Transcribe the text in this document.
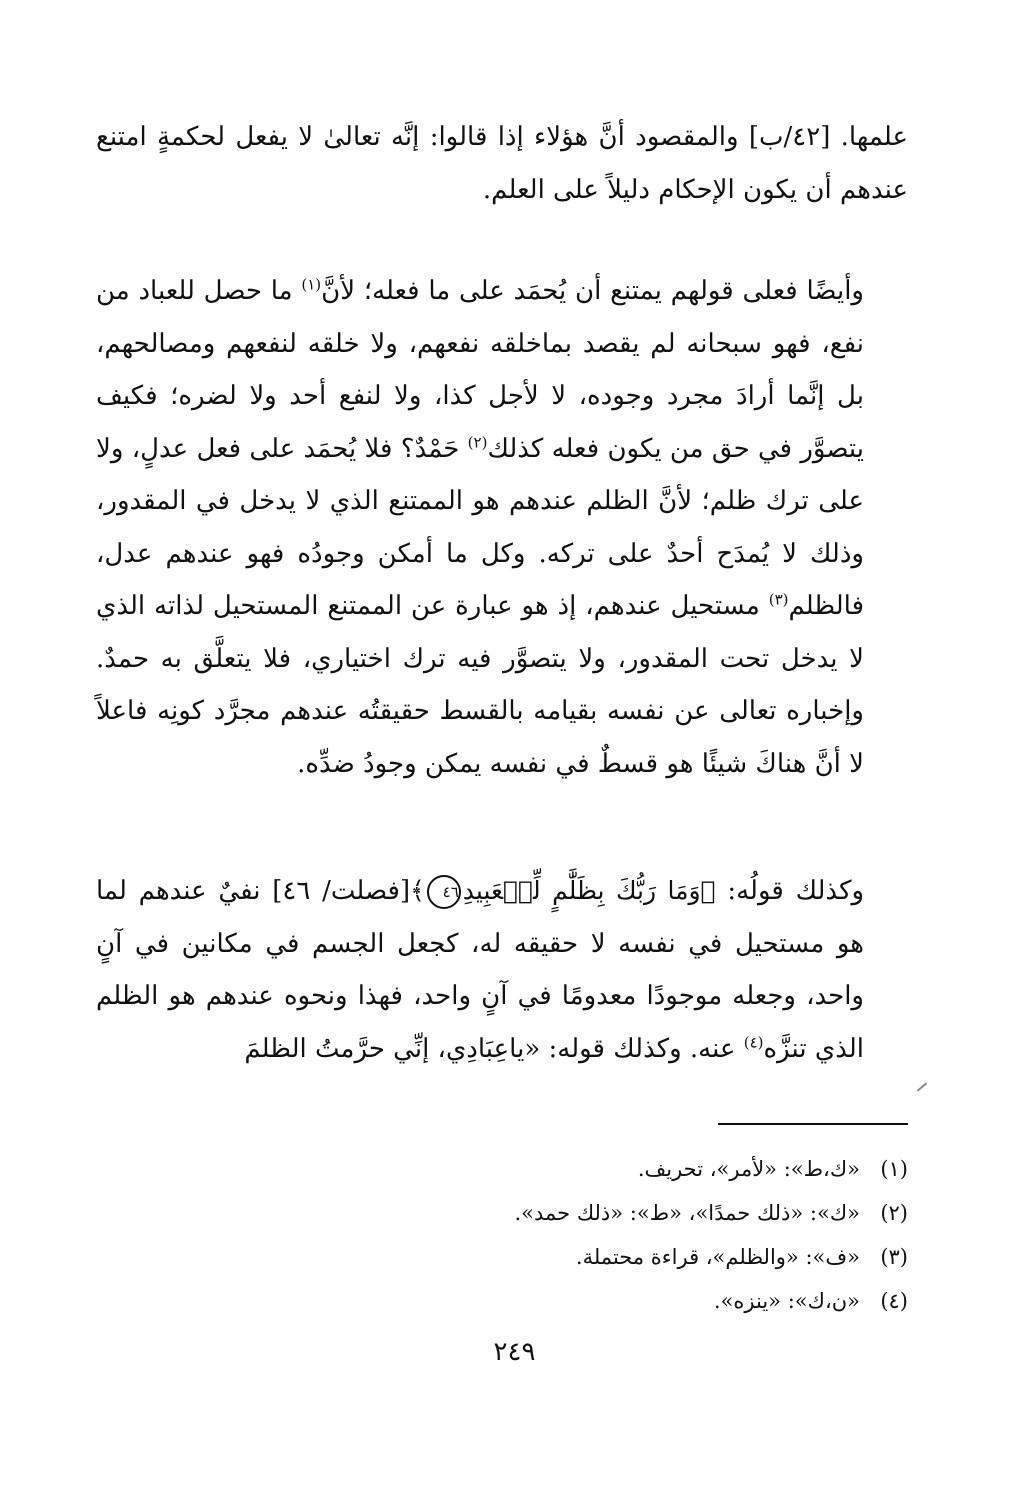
علمها. [٤٢/ب] والمقصود أنَّ هؤلاء إذا قالوا: إنَّه تعالىٰ لا يفعل لحكمةٍ امتنع عندهم أن يكون الإحكام دليلاً على العلم.

وأيضًا فعلى قولهم يمتنع أن يُحمَد على ما فعله؛ لأنَّ$^{(١)}$ ما حصل للعباد من نفع، فهو سبحانه لم يقصد بماخلقه نفعهم، ولا خلقه لنفعهم ومصالحهم، بل إنَّما أرادَ مجرد وجوده، لا لأجل كذا، ولا لنفع أحد ولا لضره؛ فكيف يتصوَّر في حق من يكون فعله كذلك$^{(٢)}$ حَمْدٌ؟ فلا يُحمَد على فعل عدلٍ، ولا على ترك ظلم؛ لأنَّ الظلم عندهم هو الممتنع الذي لا يدخل في المقدور، وذلك لا يُمدَح أحدٌ على تركه. وكل ما أمكن وجودُه فهو عندهم عدل، فالظلم$^{(٣)}$ مستحيل عندهم، إذ هو عبارة عن الممتنع المستحيل لذاته الذي لا يدخل تحت المقدور، ولا يتصوَّر فيه ترك اختياري، فلا يتعلَّق به حمدٌ. وإخباره تعالى عن نفسه بقيامه بالقسط حقيقتُه عندهم مجرَّد كونِه فاعلاً لا أنَّ هناكَ شيئًا هو قسطٌ في نفسه يمكن وجودُ ضدِّه.

وكذلك قولُه: ﴿وَمَا رَبُّكَ بِظَلَّٰمٍ لِّلۡعَبِيدِ٤٦﴾[فصلت/ ٤٦] نفيٌ عندهم لما هو مستحيل في نفسه لا حقيقه له، كجعل الجسم في مكانين في آنٍ واحد، وجعله موجودًا معدومًا في آنٍ واحد، فهذا ونحوه عندهم هو الظلم الذي تنزَّه$^{(٤)}$ عنه. وكذلك قوله: «ياعِبَادِي، إنِّي حرَّمتُ الظلمَ

(١)«ك،ط»: «لأمر»، تحريف.
(٢)«ك»: «ذلك حمدًا»، «ط»: «ذلك حمد».
(٣)«ف»: «والظلم»، قراءة محتملة.
(٤)«ن،ك»: «ينزه».
٢٤٩
